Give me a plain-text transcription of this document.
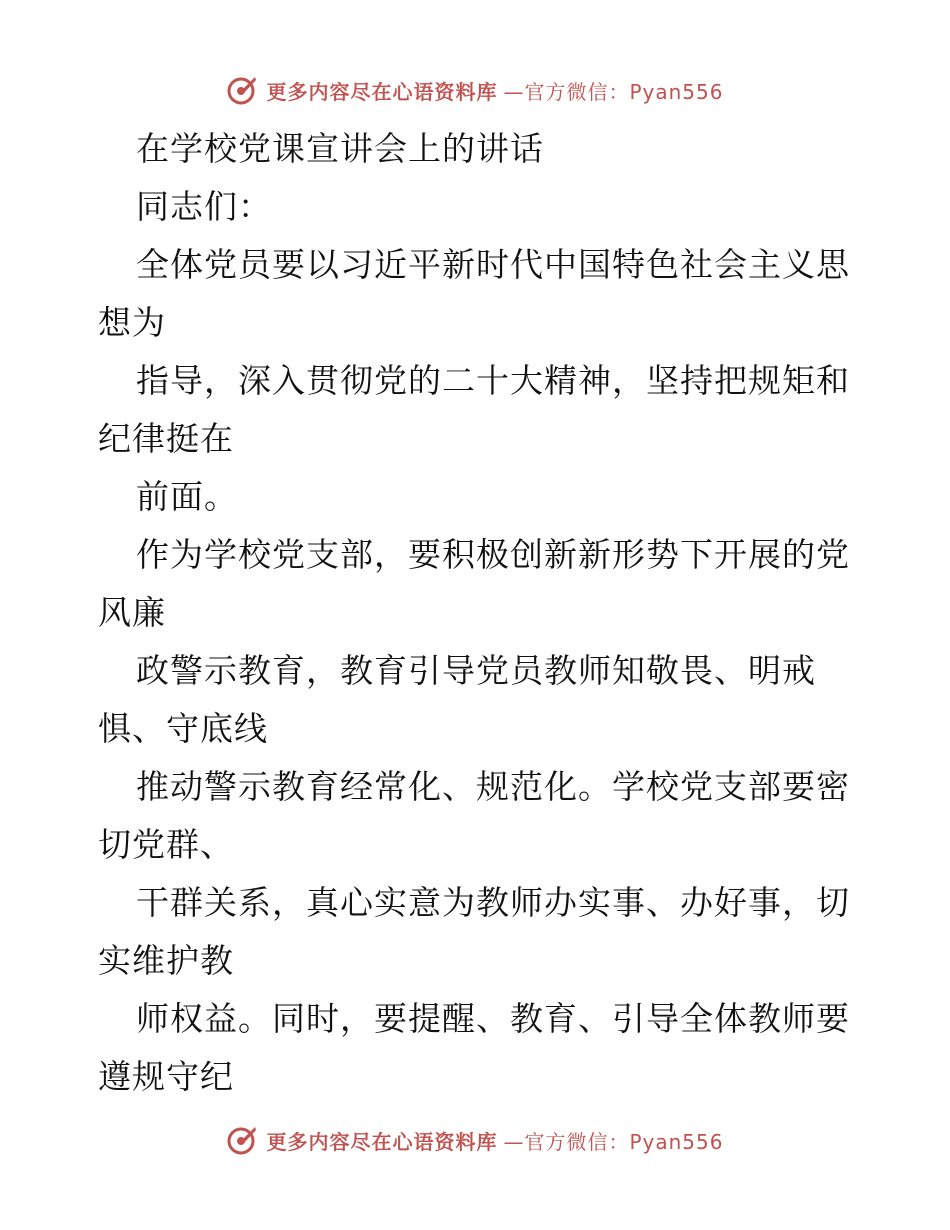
更多内容尽在心语资料库 —官方微信：Pyan556
在学校党课宣讲会上的讲话
同志们：
全体党员要以习近平新时代中国特色社会主义思
想为
指导，深入贯彻党的二十大精神，坚持把规矩和
纪律挺在
前面。
作为学校党支部，要积极创新新形势下开展的党
风廉
政警示教育，教育引导党员教师知敬畏、明戒
惧、守底线
推动警示教育经常化、规范化。学校党支部要密
切党群、
干群关系，真心实意为教师办实事、办好事，切
实维护教
师权益。同时，要提醒、教育、引导全体教师要
遵规守纪
更多内容尽在心语资料库 —官方微信：Pyan556
